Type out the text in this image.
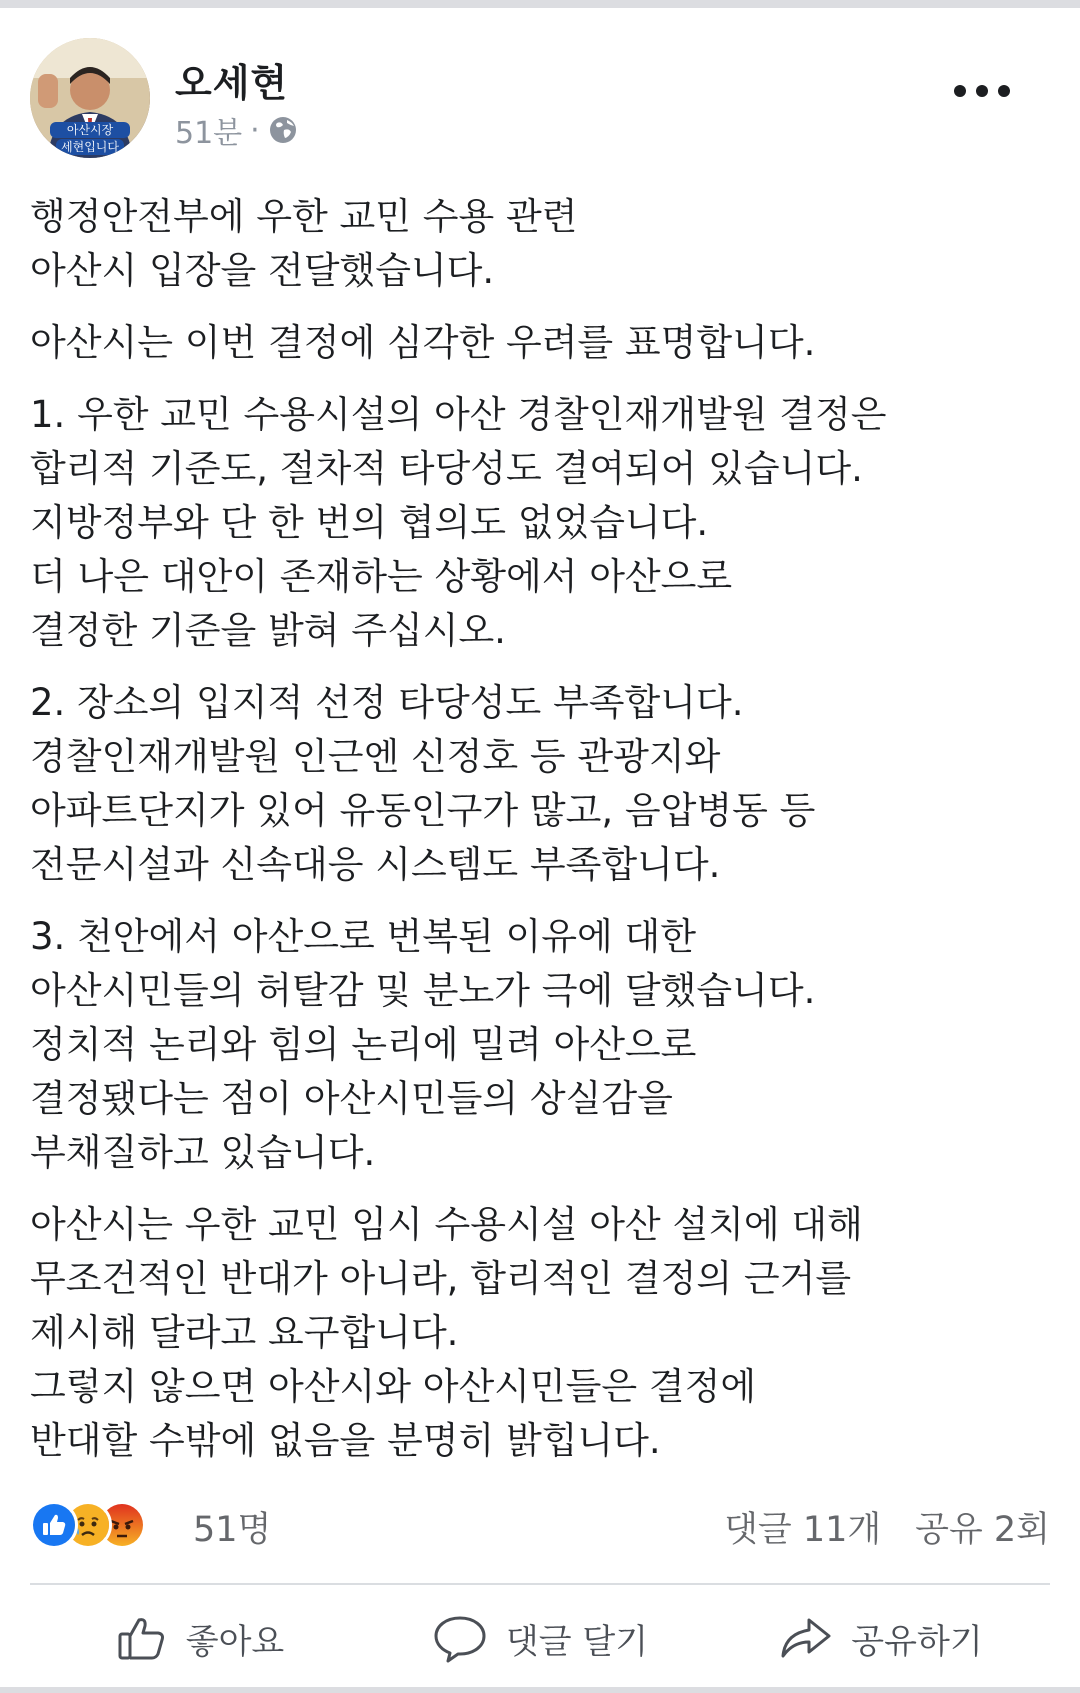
아산시장
세현입니다
오세현
51분 ·

행정안전부에 우한 교민 수용 관련
아산시 입장을 전달했습니다.

아산시는 이번 결정에 심각한 우려를 표명합니다.

1. 우한 교민 수용시설의 아산 경찰인재개발원 결정은
합리적 기준도, 절차적 타당성도 결여되어 있습니다.
지방정부와 단 한 번의 협의도 없었습니다.
더 나은 대안이 존재하는 상황에서 아산으로
결정한 기준을 밝혀 주십시오.

2. 장소의 입지적 선정 타당성도 부족합니다.
경찰인재개발원 인근엔 신정호 등 관광지와
아파트단지가 있어 유동인구가 많고, 음압병동 등
전문시설과 신속대응 시스템도 부족합니다.

3. 천안에서 아산으로 번복된 이유에 대한
아산시민들의 허탈감 및 분노가 극에 달했습니다.
정치적 논리와 힘의 논리에 밀려 아산으로
결정됐다는 점이 아산시민들의 상실감을
부채질하고 있습니다.

아산시는 우한 교민 임시 수용시설 아산 설치에 대해
무조건적인 반대가 아니라, 합리적인 결정의 근거를
제시해 달라고 요구합니다.
그렇지 않으면 아산시와 아산시민들은 결정에
반대할 수밖에 없음을 분명히 밝힙니다.

51명	댓글 11개 공유 2회
좋아요	댓글 달기	공유하기
